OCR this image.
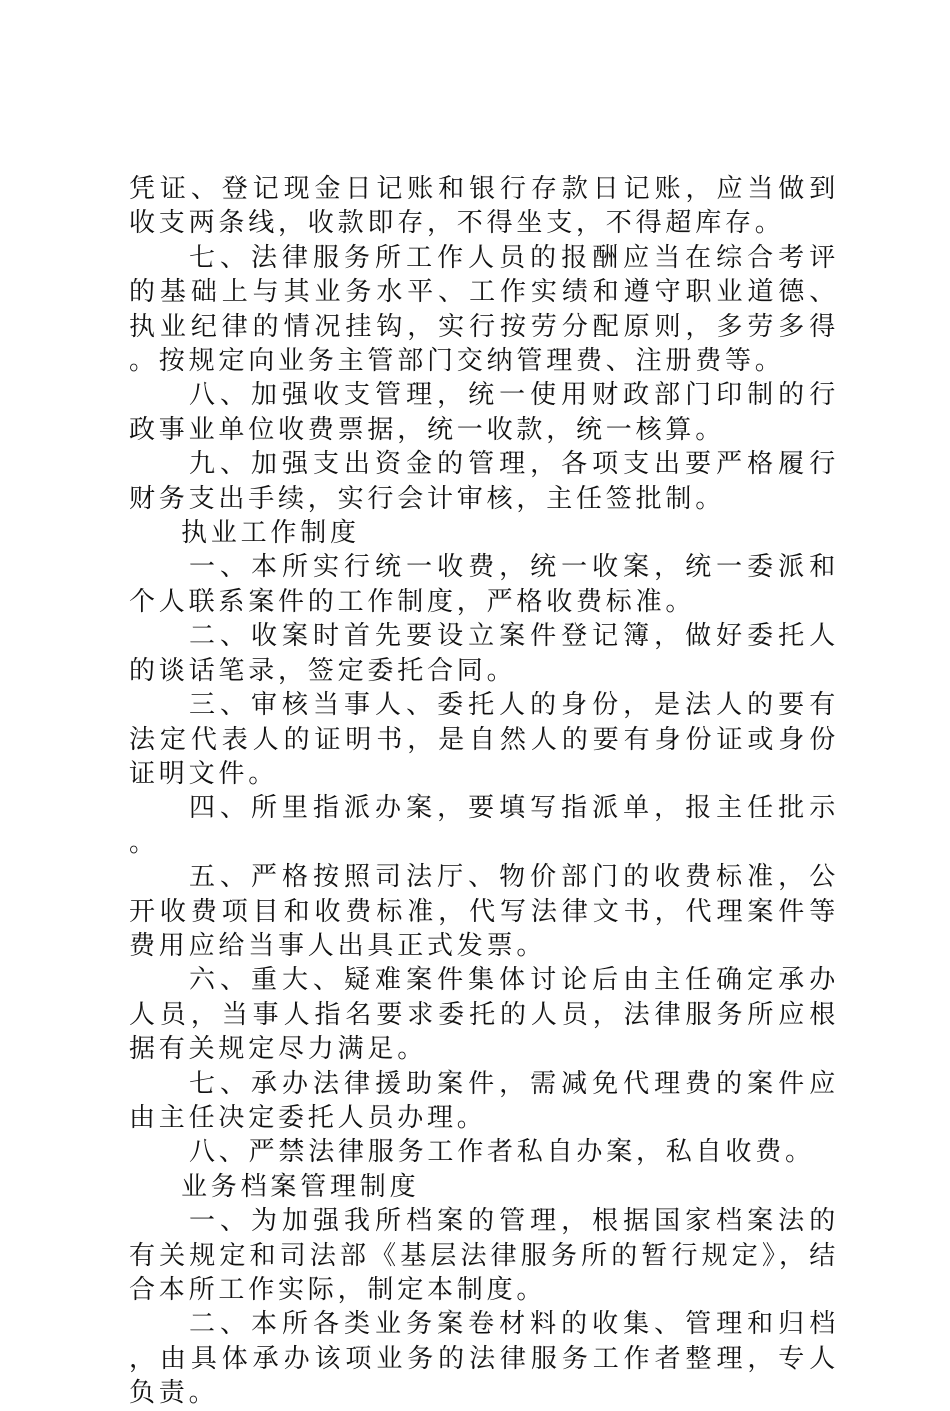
凭证、登记现金日记账和银行存款日记账，应当做到收支两条线，收款即存，不得坐支，不得超库存。

七、法律服务所工作人员的报酬应当在综合考评的基础上与其业务水平、工作实绩和遵守职业道德、执业纪律的情况挂钩，实行按劳分配原则，多劳多得。按规定向业务主管部门交纳管理费、注册费等。

八、加强收支管理，统一使用财政部门印制的行政事业单位收费票据，统一收款，统一核算。

九、加强支出资金的管理，各项支出要严格履行财务支出手续，实行会计审核，主任签批制。

执业工作制度

一、本所实行统一收费，统一收案，统一委派和个人联系案件的工作制度，严格收费标准。

二、收案时首先要设立案件登记簿，做好委托人的谈话笔录，签定委托合同。

三、审核当事人、委托人的身份，是法人的要有法定代表人的证明书，是自然人的要有身份证或身份证明文件。

四、所里指派办案，要填写指派单，报主任批示。

五、严格按照司法厅、物价部门的收费标准，公开收费项目和收费标准，代写法律文书，代理案件等费用应给当事人出具正式发票。

六、重大、疑难案件集体讨论后由主任确定承办人员，当事人指名要求委托的人员，法律服务所应根据有关规定尽力满足。

七、承办法律援助案件，需减免代理费的案件应由主任决定委托人员办理。

八、严禁法律服务工作者私自办案，私自收费。

业务档案管理制度

一、为加强我所档案的管理，根据国家档案法的有关规定和司法部《基层法律服务所的暂行规定》，结合本所工作实际，制定本制度。

二、本所各类业务案卷材料的收集、管理和归档，由具体承办该项业务的法律服务工作者整理，专人负责。
